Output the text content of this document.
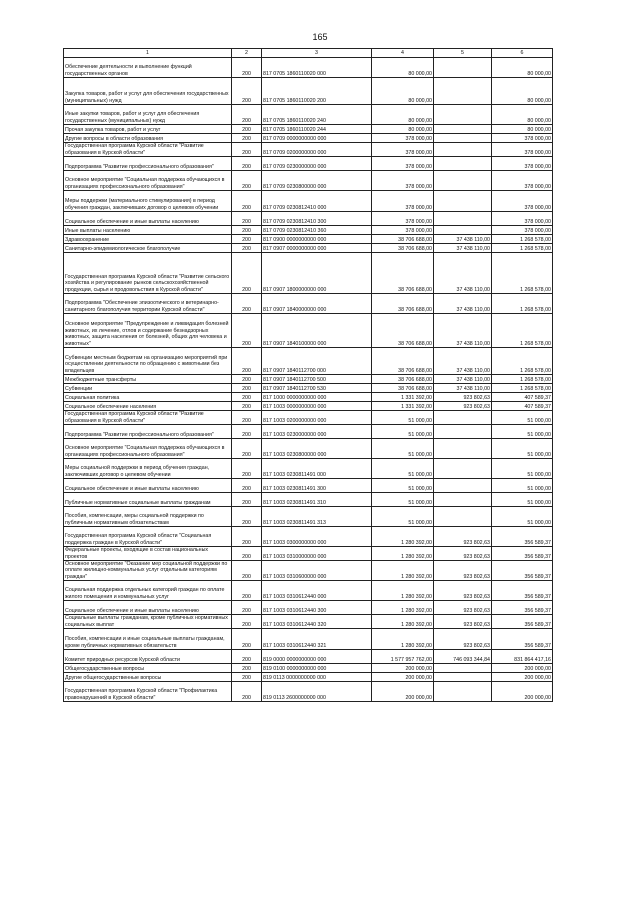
165
1	2	3	4	5	6
Обеспечение деятельности и выполнение функций государственных органов	200	817 0705 1860110020 000	80 000,00		80 000,00
Закупка товаров, работ и услуг для обеспечения государственных (муниципальных) нужд	200	817 0705 1860110020 200	80 000,00		80 000,00
Иные закупки товаров, работ и услуг для обеспечения государственных (муниципальных) нужд	200	817 0705 1860110020 240	80 000,00		80 000,00
Прочая закупка товаров, работ и услуг	200	817 0705 1860110020 244	80 000,00		80 000,00
Другие вопросы в области образования	200	817 0709 0000000000 000	378 000,00		378 000,00
Государственная программа Курской области "Развитие образования в Курской области"	200	817 0709 0200000000 000	378 000,00		378 000,00
Подпрограмма "Развитие профессионального образования"	200	817 0709 0230000000 000	378 000,00		378 000,00
Основное мероприятие "Социальная поддержка обучающихся в организациях профессионального образования"	200	817 0709 0230800000 000	378 000,00		378 000,00
Меры поддержки (материального стимулирования) в период обучения граждан, заключивших договор о целевом обучении	200	817 0709 0230812410 000	378 000,00		378 000,00
Социальное обеспечение и иные выплаты населению	200	817 0709 0230812410 300	378 000,00		378 000,00
Иные выплаты населению	200	817 0709 0230812410 360	378 000,00		378 000,00
Здравоохранение	200	817 0900 0000000000 000	38 706 688,00	37 438 110,00	1 268 578,00
Санитарно-эпидемиологическое благополучие	200	817 0907 0000000000 000	38 706 688,00	37 438 110,00	1 268 578,00
Государственная программа Курской области "Развитие сельского хозяйства и регулирование рынков сельскохозяйственной продукции, сырья и продовольствия в Курской области"	200	817 0907 1800000000 000	38 706 688,00	37 438 110,00	1 268 578,00
Подпрограмма "Обеспечение эпизоотического и ветеринарно-санитарного благополучия территории Курской области"	200	817 0907 1840000000 000	38 706 688,00	37 438 110,00	1 268 578,00
Основное мероприятие "Предупреждение и ликвидация болезней животных, их лечение, отлов и содержание безнадзорных животных, защита населения от болезней, общих для человека и животных"	200	817 0907 1840100000 000	38 706 688,00	37 438 110,00	1 268 578,00
Субвенции местным бюджетам на организацию мероприятий при осуществлении деятельности по обращению с животными без владельцев	200	817 0907 1840112700 000	38 706 688,00	37 438 110,00	1 268 578,00
Межбюджетные трансферты	200	817 0907 1840112700 500	38 706 688,00	37 438 110,00	1 268 578,00
Субвенции	200	817 0907 1840112700 530	38 706 688,00	37 438 110,00	1 268 578,00
Социальная политика	200	817 1000 0000000000 000	1 331 392,00	923 802,63	407 589,37
Социальное обеспечение населения	200	817 1003 0000000000 000	1 331 392,00	923 802,63	407 589,37
Государственная программа Курской области "Развитие образования в Курской области"	200	817 1003 0200000000 000	51 000,00		51 000,00
Подпрограмма "Развитие профессионального образования"	200	817 1003 0230000000 000	51 000,00		51 000,00
Основное мероприятие "Социальная поддержка обучающихся в организациях профессионального образования"	200	817 1003 0230800000 000	51 000,00		51 000,00
Меры социальной поддержки в период обучения граждан, заключивших договор о целевом обучении	200	817 1003 0230811491 000	51 000,00		51 000,00
Социальное обеспечение и иные выплаты населению	200	817 1003 0230811491 300	51 000,00		51 000,00
Публичные нормативные социальные выплаты гражданам	200	817 1003 0230811491 310	51 000,00		51 000,00
Пособия, компенсации, меры социальной поддержки по публичным нормативным обязательствам	200	817 1003 0230811491 313	51 000,00		51 000,00
Государственная программа Курской области "Социальная поддержка граждан в Курской области"	200	817 1003 0300000000 000	1 280 392,00	923 802,63	356 589,37
Федеральные проекты, входящие в состав национальных проектов	200	817 1003 0310000000 000	1 280 392,00	923 802,63	356 589,37
Основное мероприятие "Оказание мер социальной поддержки по оплате жилищно-коммунальных услуг отдельным категориям граждан"	200	817 1003 0310600000 000	1 280 392,00	923 802,63	356 589,37
Социальная поддержка отдельных категорий граждан по оплате жилого помещения и коммунальных услуг	200	817 1003 0310612440 000	1 280 392,00	923 802,63	356 589,37
Социальное обеспечение и иные выплаты населению	200	817 1003 0310612440 300	1 280 392,00	923 802,63	356 589,37
Социальные выплаты гражданам, кроме публичных нормативных социальных выплат	200	817 1003 0310612440 320	1 280 392,00	923 802,63	356 589,37
Пособия, компенсации и иные социальные выплаты гражданам, кроме публичных нормативных обязательств	200	817 1003 0310612440 321	1 280 392,00	923 802,63	356 589,37
Комитет природных ресурсов Курской области	200	819 0000 0000000000 000	1 577 957 762,00	746 093 344,84	831 864 417,16
Общегосударственные вопросы	200	819 0100 0000000000 000	200 000,00		200 000,00
Другие общегосударственные вопросы	200	819 0113 0000000000 000	200 000,00		200 000,00
Государственная программа Курской области "Профилактика правонарушений в Курской области"	200	819 0113 2600000000 000	200 000,00		200 000,00
